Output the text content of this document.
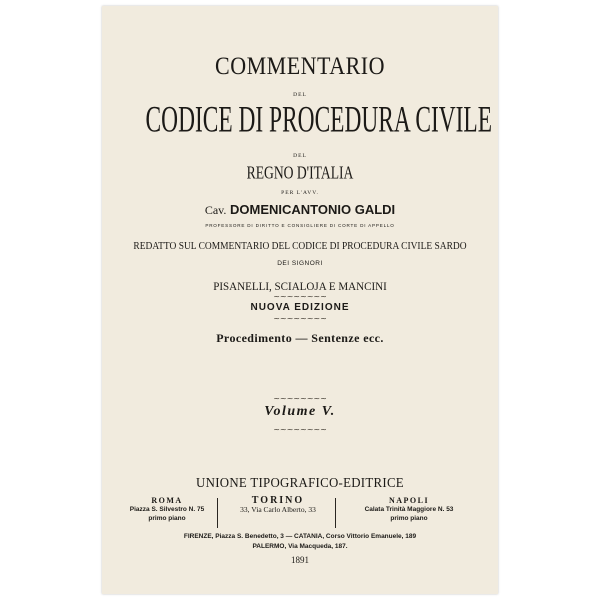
COMMENTARIO
DEL
CODICE DI PROCEDURA CIVILE
DEL
REGNO D'ITALIA
PER L'AVV.
Cav. DOMENICANTONIO GALDI
PROFESSORE DI DIRITTO E CONSIGLIERE DI CORTE DI APPELLO
REDATTO SUL COMMENTARIO DEL CODICE DI PROCEDURA CIVILE SARDO
DEI SIGNORI
PISANELLI, SCIALOJA E MANCINI
~~~~~~~~
NUOVA EDIZIONE
~~~~~~~~
Procedimento — Sentenze ecc.
~~~~~~~~
Volume V.
~~~~~~~~
UNIONE TIPOGRAFICO-EDITRICE
ROMA
Piazza S. Silvestro N. 75
primo piano
TORINO
33, Via Carlo Alberto, 33
NAPOLI
Calata Trinità Maggiore N. 53
primo piano
FIRENZE, Piazza S. Benedetto, 3 — CATANIA, Corso Vittorio Emanuele, 189
PALERMO, Via Macqueda, 187.
1891
